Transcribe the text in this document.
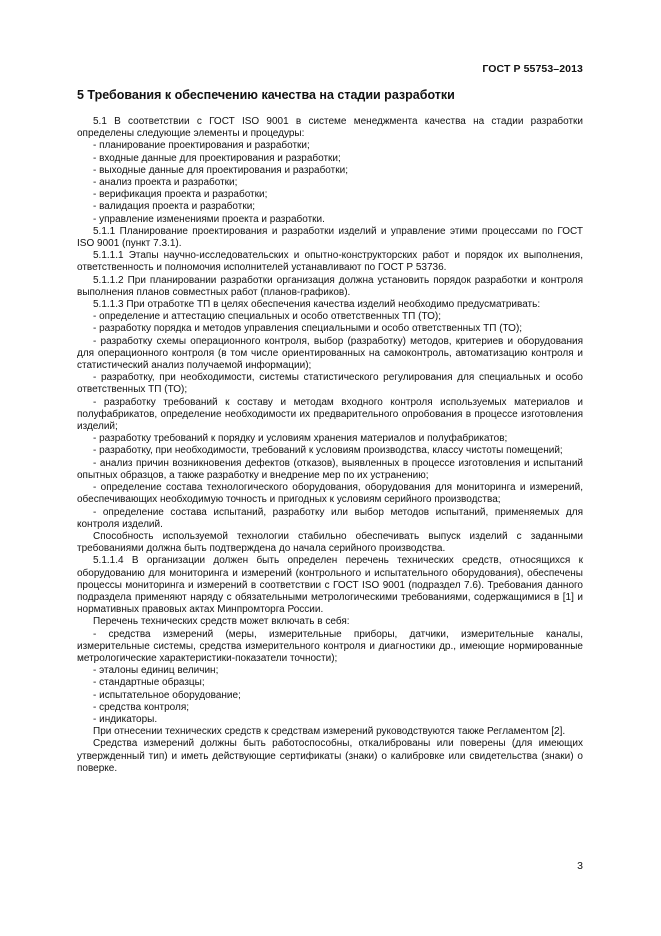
ГОСТ Р 55753–2013
5 Требования к обеспечению качества на стадии разработки

5.1 В соответствии с ГОСТ ISO 9001 в системе менеджмента качества на стадии разработки определены следующие элементы и процедуры:

- планирование проектирования и разработки;

- входные данные для проектирования и разработки;

- выходные данные для проектирования и разработки;

- анализ проекта и разработки;

- верификация проекта и разработки;

- валидация проекта и разработки;

- управление изменениями проекта и разработки.

5.1.1 Планирование проектирования и разработки изделий и управление этими процессами по ГОСТ ISO 9001 (пункт 7.3.1).

5.1.1.1 Этапы научно-исследовательских и опытно-конструкторских работ и порядок их выполнения, ответственность и полномочия исполнителей устанавливают по ГОСТ Р 53736.

5.1.1.2 При планировании разработки организация должна установить порядок разработки и контроля выполнения планов совместных работ (планов-графиков).

5.1.1.3 При отработке ТП в целях обеспечения качества изделий необходимо предусматривать:

- определение и аттестацию специальных и особо ответственных ТП (ТО);

- разработку порядка и методов управления специальными и особо ответственных ТП (ТО);

- разработку схемы операционного контроля, выбор (разработку) методов, критериев и оборудования для операционного контроля (в том числе ориентированных на самоконтроль, автоматизацию контроля и статистический анализ получаемой информации);

- разработку, при необходимости, системы статистического регулирования для специальных и особо ответственных ТП (ТО);

- разработку требований к составу и методам входного контроля используемых материалов и полуфабрикатов, определение необходимости их предварительного опробования в процессе изготовления изделий;

- разработку требований к порядку и условиям хранения материалов и полуфабрикатов;

- разработку, при необходимости, требований к условиям производства, классу чистоты помещений;

- анализ причин возникновения дефектов (отказов), выявленных в процессе изготовления и испытаний опытных образцов, а также разработку и внедрение мер по их устранению;

- определение состава технологического оборудования, оборудования для мониторинга и измерений, обеспечивающих необходимую точность и пригодных к условиям серийного производства;

- определение состава испытаний, разработку или выбор методов испытаний, применяемых для контроля изделий.

Способность используемой технологии стабильно обеспечивать выпуск изделий с заданными требованиями должна быть подтверждена до начала серийного производства.

5.1.1.4 В организации должен быть определен перечень технических средств, относящихся к оборудованию для мониторинга и измерений (контрольного и испытательного оборудования), обеспечены процессы мониторинга и измерений в соответствии с ГОСТ ISO 9001 (подраздел 7.6). Требования данного подраздела применяют наряду с обязательными метрологическими требованиями, содержащимися в [1] и нормативных правовых актах Минпромторга России.

Перечень технических средств может включать в себя:

- средства измерений (меры, измерительные приборы, датчики, измерительные каналы, измерительные системы, средства измерительного контроля и диагностики др., имеющие нормированные метрологические характеристики-показатели точности);

- эталоны единиц величин;

- стандартные образцы;

- испытательное оборудование;

- средства контроля;

- индикаторы.

При отнесении технических средств к средствам измерений руководствуются также Регламентом [2].

Средства измерений должны быть работоспособны, откалиброваны или поверены (для имеющих утвержденный тип) и иметь действующие сертификаты (знаки) о калибровке или свидетельства (знаки) о поверке.

3
